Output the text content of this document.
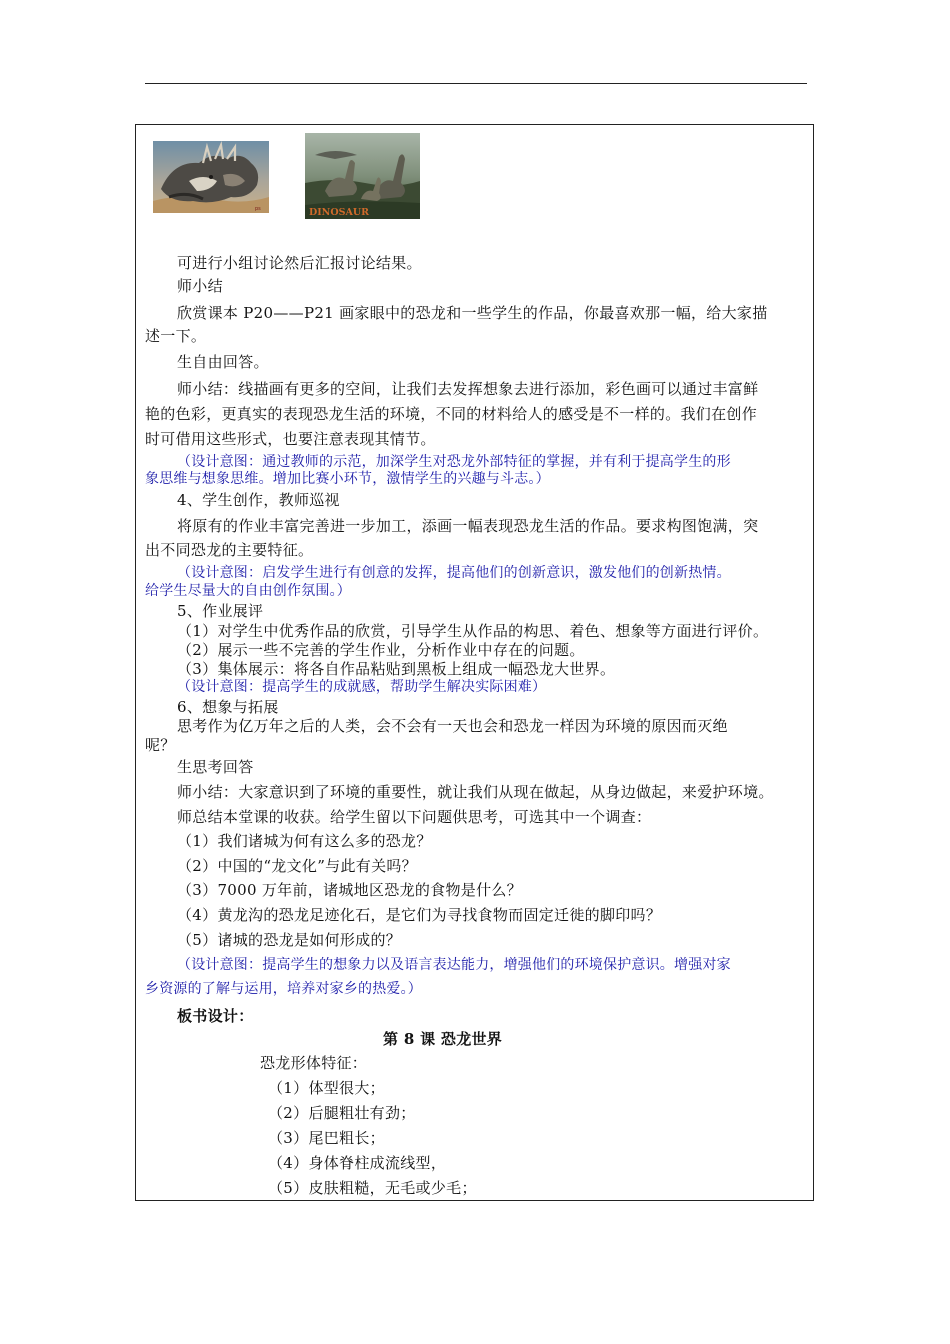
ps	DINOSAUR
可进行小组讨论然后汇报讨论结果。
师小结
欣赏课本 P20——P21 画家眼中的恐龙和一些学生的作品，你最喜欢那一幅，给大家描
述一下。
生自由回答。
师小结：线描画有更多的空间，让我们去发挥想象去进行添加，彩色画可以通过丰富鲜
艳的色彩，更真实的表现恐龙生活的环境，不同的材料给人的感受是不一样的。我们在创作
时可借用这些形式，也要注意表现其情节。
（设计意图：通过教师的示范，加深学生对恐龙外部特征的掌握，并有利于提高学生的形
象思维与想象思维。增加比赛小环节，激情学生的兴趣与斗志。）
4、学生创作，教师巡视
将原有的作业丰富完善进一步加工，添画一幅表现恐龙生活的作品。要求构图饱满，突
出不同恐龙的主要特征。
（设计意图：启发学生进行有创意的发挥，提高他们的创新意识，激发他们的创新热情。
给学生尽量大的自由创作氛围。）
5、作业展评
（1）对学生中优秀作品的欣赏，引导学生从作品的构思、着色、想象等方面进行评价。
（2）展示一些不完善的学生作业，分析作业中存在的问题。
（3）集体展示：将各自作品粘贴到黑板上组成一幅恐龙大世界。
（设计意图：提高学生的成就感，帮助学生解决实际困难）
6、想象与拓展
思考作为亿万年之后的人类，会不会有一天也会和恐龙一样因为环境的原因而灭绝
呢？
生思考回答
师小结：大家意识到了环境的重要性，就让我们从现在做起，从身边做起，来爱护环境。
师总结本堂课的收获。给学生留以下问题供思考，可选其中一个调查：
（1）我们诸城为何有这么多的恐龙？
（2）中国的“龙文化”与此有关吗？
（3）7000 万年前，诸城地区恐龙的食物是什么？
（4）黄龙沟的恐龙足迹化石，是它们为寻找食物而固定迁徙的脚印吗？
（5）诸城的恐龙是如何形成的？
（设计意图：提高学生的想象力以及语言表达能力，增强他们的环境保护意识。增强对家
乡资源的了解与运用，培养对家乡的热爱。）
板书设计：
第 8 课 恐龙世界
恐龙形体特征：
（1）体型很大；
（2）后腿粗壮有劲；
（3）尾巴粗长；
（4）身体脊柱成流线型，
（5）皮肤粗糙，无毛或少毛；
